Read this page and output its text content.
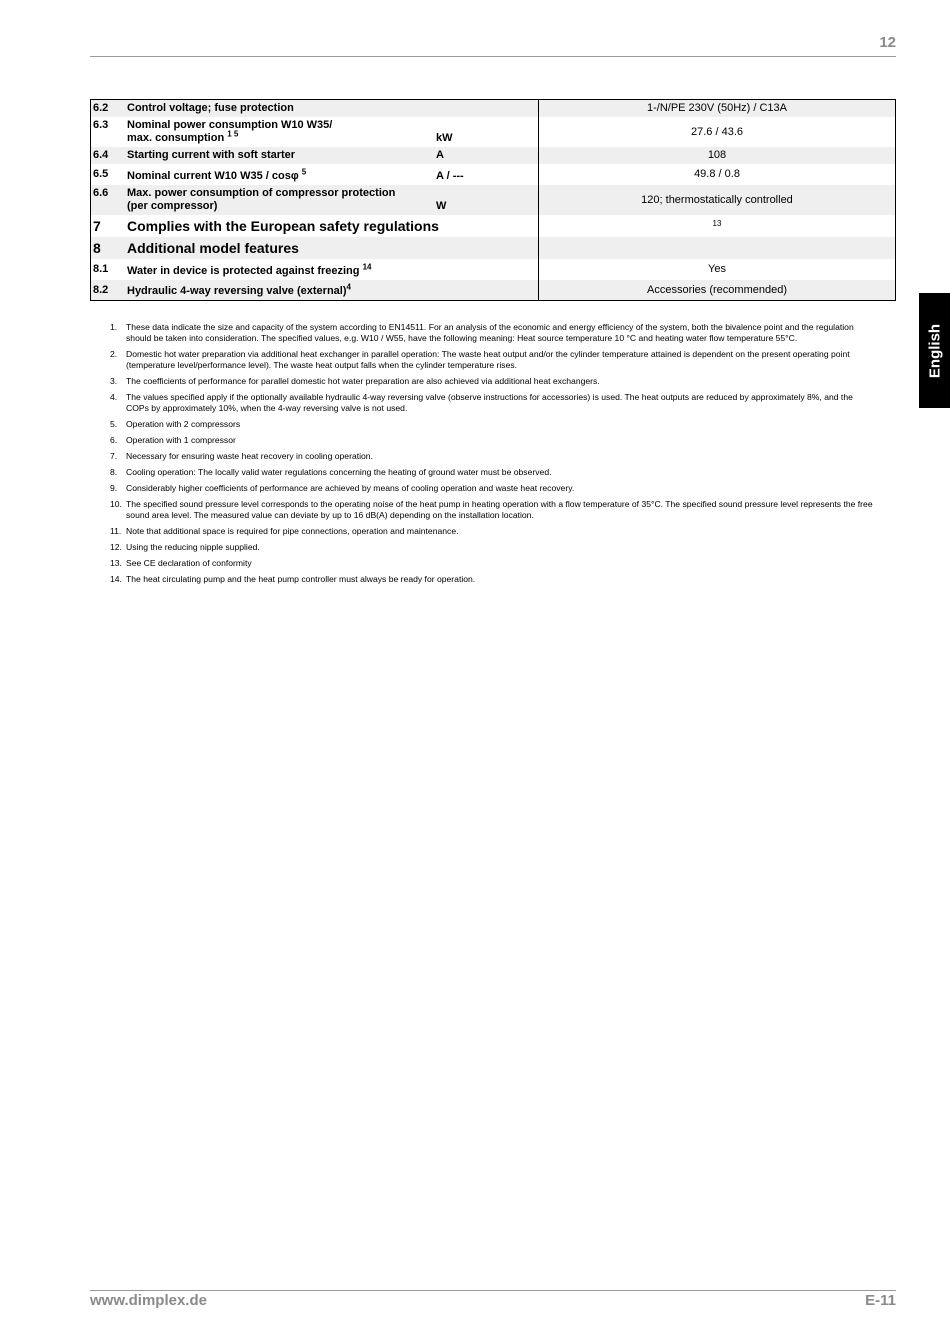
12
6.2	Control voltage; fuse protection		1-/N/PE 230V (50Hz) / C13A
6.3	Nominal power consumption W10 W35/
max. consumption $^{1 5}$	kW	27.6 / 43.6
6.4	Starting current with soft starter	A	108
6.5	Nominal current W10 W35 / cosφ $^5$	A / ---	49.8 / 0.8
6.6	Max. power consumption of compressor protection
(per compressor)	W	120; thermostatically controlled
7	Complies with the European safety regulations		$^{13}$
8	Additional model features		
8.1	Water in device is protected against freezing $^{14}$		Yes
8.2	Hydraulic 4-way reversing valve (external)$^4$		Accessories (recommended)
1. These data indicate the size and capacity of the system according to EN14511. For an analysis of the economic and energy efficiency of the system, both the bivalence point and the regulation should be taken into consideration. The specified values, e.g. W10 / W55, have the following meaning: Heat source temperature 10 °C and heating water flow temperature 55°C.
2. Domestic hot water preparation via additional heat exchanger in parallel operation: The waste heat output and/or the cylinder temperature attained is dependent on the present operating point (temperature level/performance level). The waste heat output falls when the cylinder temperature rises.
3. The coefficients of performance for parallel domestic hot water preparation are also achieved via additional heat exchangers.
4. The values specified apply if the optionally available hydraulic 4-way reversing valve (observe instructions for accessories) is used. The heat outputs are reduced by approximately 8%, and the COPs by approximately 10%, when the 4-way reversing valve is not used.
5. Operation with 2 compressors
6. Operation with 1 compressor
7. Necessary for ensuring waste heat recovery in cooling operation.
8. Cooling operation: The locally valid water regulations concerning the heating of ground water must be observed.
9. Considerably higher coefficients of performance are achieved by means of cooling operation and waste heat recovery.
10. The specified sound pressure level corresponds to the operating noise of the heat pump in heating operation with a flow temperature of 35°C. The specified sound pressure level represents the free sound area level. The measured value can deviate by up to 16 dB(A) depending on the installation location.
11. Note that additional space is required for pipe connections, operation and maintenance.
12. Using the reducing nipple supplied.
13. See CE declaration of conformity
14. The heat circulating pump and the heat pump controller must always be ready for operation.
English
www.dimplex.de	E-11
